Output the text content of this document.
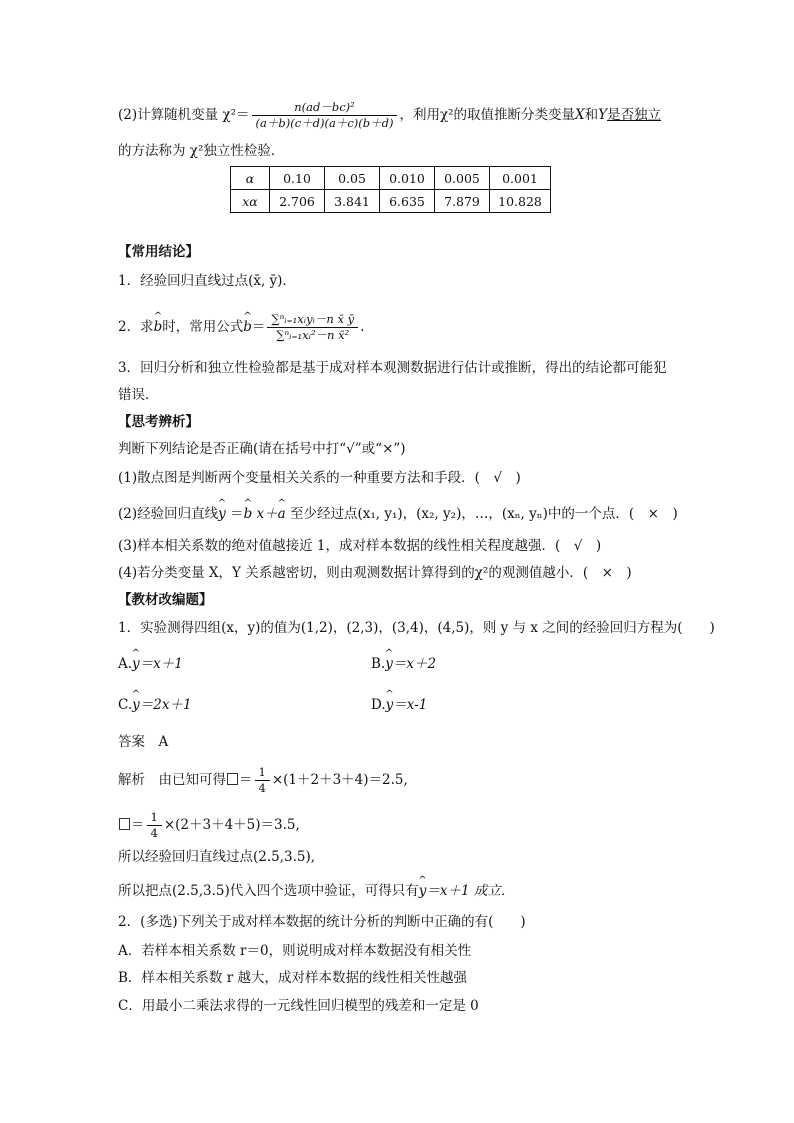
(2)计算随机变量 $\chi^2= \frac{\text{n(ad－bc)²}}{(a+b)(c+d)(a+c)(b+d)}$ ，利用χ²的取值推断分类变量X和Y是否独立
的方法称为 χ²独立性检验．
α	0.10	0.05	0.010	0.005	0.001
xα	2.706	3.841	6.635	7.879	10.828
【常用结论】
1．经验回归直线过点(x̄, ȳ)．
2．求^ b时，常用公式^ $b= \frac{\text{∑ⁿᵢ₌₁xᵢyᵢ－n x̄ ȳ}}{\text{∑ⁿᵢ₌₁xᵢ²－n x̄²}}$ .
3．回归分析和独立性检验都是基于成对样本观测数据进行估计或推断，得出的结论都可能犯
错误．
【思考辨析】
判断下列结论是否正确(请在括号中打“√”或“×”)
(1)散点图是判断两个变量相关关系的一种重要方法和手段．(　√　)
(2)经验回归直线^ y ＝^ b x＋^ a 至少经过点(x₁, y₁)，(x₂, y₂)，…，(xₙ, yₙ)中的一个点．(　×　)
(3)样本相关系数的绝对值越接近 1，成对样本数据的线性相关程度越强．(　√　)
(4)若分类变量 X，Y 关系越密切，则由观测数据计算得到的χ²的观测值越小．(　×　)
【教材改编题】
1．实验测得四组(x，y)的值为(1,2)，(2,3)，(3,4)，(4,5)，则 y 与 x 之间的经验回归方程为(　　)
A.^ y＝x＋1	B.^ y＝x＋2
C.^ y＝2x＋1	D.^ y＝x-1
答案　A
解析　由已知可得 ＝ $\frac{1}{4} \times(1+2+3+4)=2.5$,
＝ $\frac{1}{4} \times(2+3+4+5)=3.5$,
所以经验回归直线过点(2.5,3.5),
所以把点(2.5,3.5)代入四个选项中验证，可得只有^ y＝x＋1 成立．
2．(多选)下列关于成对样本数据的统计分析的判断中正确的有(　　)
A．若样本相关系数 r＝0，则说明成对样本数据没有相关性
B．样本相关系数 r 越大，成对样本数据的线性相关性越强
C．用最小二乘法求得的一元线性回归模型的残差和一定是 0
